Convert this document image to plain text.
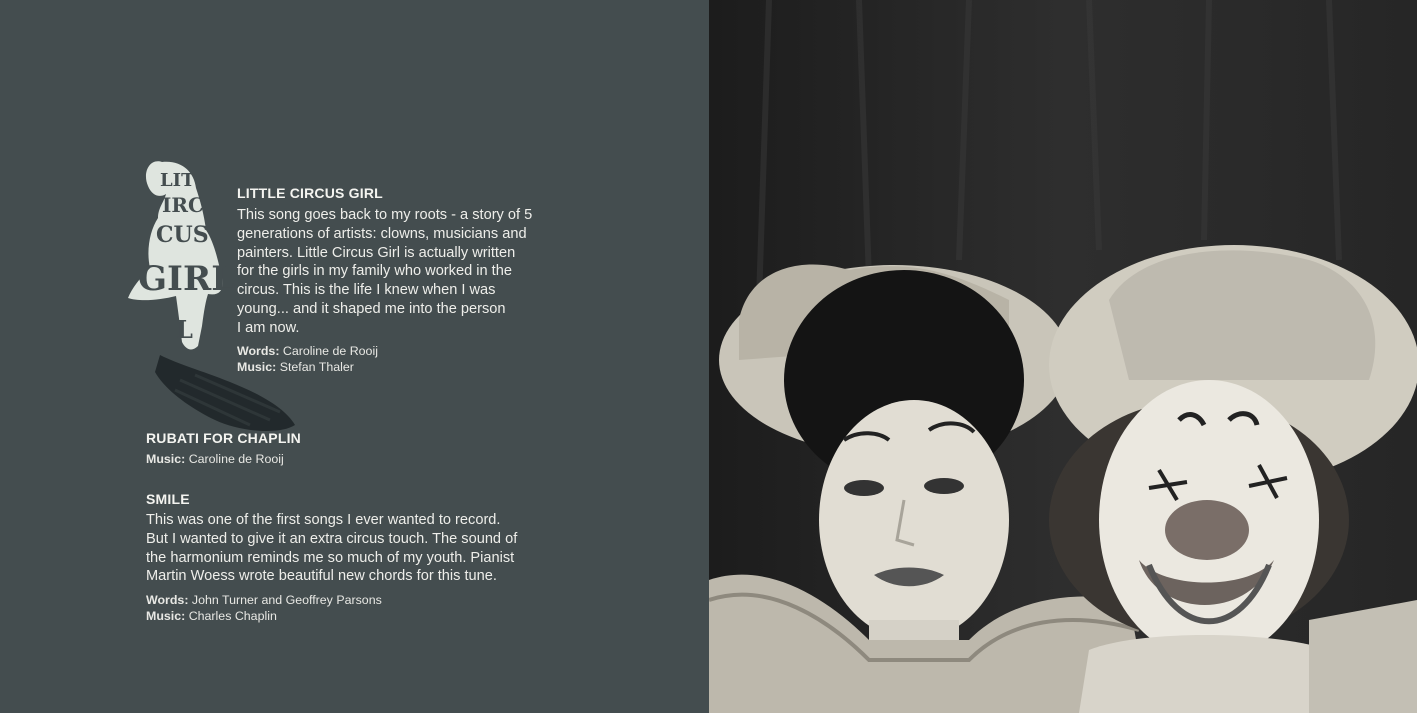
LIT
IRC
CUS
GIRL
L
LITTLE CIRCUS GIRL
This song goes back to my roots - a story of 5
generations of artists: clowns, musicians and
painters. Little Circus Girl is actually written
for the girls in my family who worked in the
circus. This is the life I knew when I was
young... and it shaped me into the person
I am now.
Words: Caroline de Rooij
Music: Stefan Thaler
RUBATI FOR CHAPLIN
Music: Caroline de Rooij
SMILE
This was one of the first songs I ever wanted to record.
But I wanted to give it an extra circus touch. The sound of
the harmonium reminds me so much of my youth. Pianist
Martin Woess wrote beautiful new chords for this tune.
Words: John Turner and Geoffrey Parsons
Music: Charles Chaplin
